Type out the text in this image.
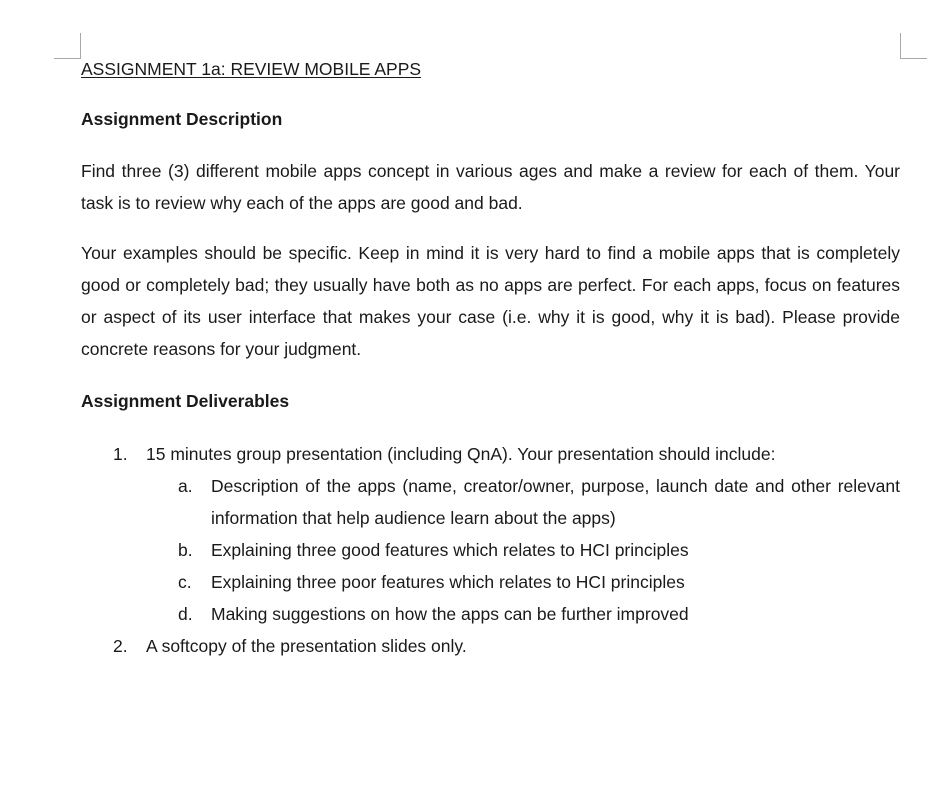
ASSIGNMENT 1a: REVIEW MOBILE APPS
Assignment Description

Find three (3) different mobile apps concept in various ages and make a review for each of them. Your task is to review why each of the apps are good and bad.

Your examples should be specific. Keep in mind it is very hard to find a mobile apps that is completely good or completely bad; they usually have both as no apps are perfect. For each apps, focus on features or aspect of its user interface that makes your case (i.e. why it is good, why it is bad). Please provide concrete reasons for your judgment.

Assignment Deliverables
1.	15 minutes group presentation (including QnA). Your presentation should include:
a.	Description of the apps (name, creator/owner, purpose, launch date and other relevant information that help audience learn about the apps)
b.	Explaining three good features which relates to HCI principles
c.	Explaining three poor features which relates to HCI principles
d.	Making suggestions on how the apps can be further improved
2.	A softcopy of the presentation slides only.
